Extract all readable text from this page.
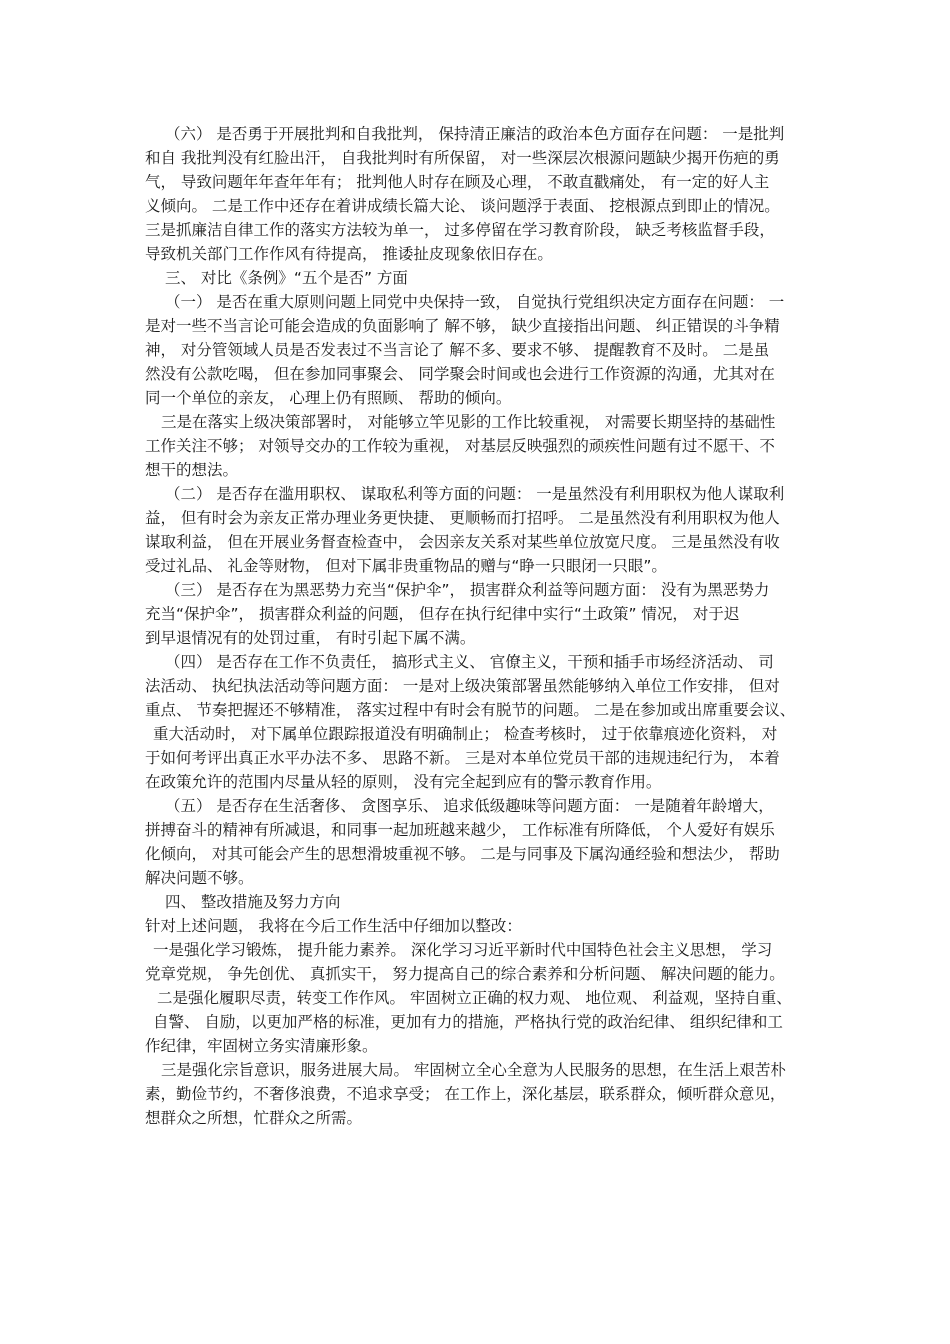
（六） 是否勇于开展批判和自我批判， 保持清正廉洁的政治本色方面存在问题： 一是批判
和自 我批判没有红脸出汗， 自我批判时有所保留， 对一些深层次根源问题缺少揭开伤疤的勇
气， 导致问题年年查年年有； 批判他人时存在顾及心理， 不敢直戳痛处， 有一定的好人主
义倾向。 二是工作中还存在着讲成绩长篇大论、 谈问题浮于表面、 挖根源点到即止的情况。
三是抓廉洁自律工作的落实方法较为单一， 过多停留在学习教育阶段， 缺乏考核监督手段，
导致机关部门工作作风有待提高， 推诿扯皮现象依旧存在。
三、 对比《条例》“五个是否” 方面
（一） 是否在重大原则问题上同党中央保持一致， 自觉执行党组织决定方面存在问题： 一
是对一些不当言论可能会造成的负面影响了 解不够， 缺少直接指出问题、 纠正错误的斗争精
神， 对分管领域人员是否发表过不当言论了 解不多、要求不够、 提醒教育不及时。 二是虽
然没有公款吃喝， 但在参加同事聚会、 同学聚会时间或也会进行工作资源的沟通，尤其对在
同一个单位的亲友， 心理上仍有照顾、 帮助的倾向。
三是在落实上级决策部署时， 对能够立竿见影的工作比较重视， 对需要长期坚持的基础性
工作关注不够； 对领导交办的工作较为重视， 对基层反映强烈的顽疾性问题有过不愿干、不
想干的想法。
（二） 是否存在滥用职权、 谋取私利等方面的问题： 一是虽然没有利用职权为他人谋取利
益， 但有时会为亲友正常办理业务更快捷、 更顺畅而打招呼。 二是虽然没有利用职权为他人
谋取利益， 但在开展业务督查检查中， 会因亲友关系对某些单位放宽尺度。 三是虽然没有收
受过礼品、 礼金等财物， 但对下属非贵重物品的赠与“睁一只眼闭一只眼”。
（三） 是否存在为黑恶势力充当“保护伞”， 损害群众利益等问题方面： 没有为黑恶势力
充当“保护伞”， 损害群众利益的问题， 但存在执行纪律中实行“土政策” 情况， 对于迟
到早退情况有的处罚过重， 有时引起下属不满。
（四） 是否存在工作不负责任， 搞形式主义、 官僚主义，干预和插手市场经济活动、 司
法活动、 执纪执法活动等问题方面： 一是对上级决策部署虽然能够纳入单位工作安排， 但对
重点、 节奏把握还不够精准， 落实过程中有时会有脱节的问题。 二是在参加或出席重要会议、
重大活动时， 对下属单位跟踪报道没有明确制止； 检查考核时， 过于依靠痕迹化资料， 对
于如何考评出真正水平办法不多、 思路不新。 三是对本单位党员干部的违规违纪行为， 本着
在政策允许的范围内尽量从轻的原则， 没有完全起到应有的警示教育作用。
（五） 是否存在生活奢侈、 贪图享乐、 追求低级趣味等问题方面： 一是随着年龄增大，
拼搏奋斗的精神有所减退，和同事一起加班越来越少， 工作标准有所降低， 个人爱好有娱乐
化倾向， 对其可能会产生的思想滑坡重视不够。 二是与同事及下属沟通经验和想法少， 帮助
解决问题不够。
四、 整改措施及努力方向
针对上述问题， 我将在今后工作生活中仔细加以整改：
一是强化学习锻炼， 提升能力素养。 深化学习习近平新时代中国特色社会主义思想， 学习
党章党规， 争先创优、 真抓实干， 努力提高自己的综合素养和分析问题、 解决问题的能力。
二是强化履职尽责，转变工作作风。 牢固树立正确的权力观、 地位观、 利益观，坚持自重、
自警、 自励，以更加严格的标准，更加有力的措施，严格执行党的政治纪律、 组织纪律和工
作纪律，牢固树立务实清廉形象。
三是强化宗旨意识，服务进展大局。 牢固树立全心全意为人民服务的思想，在生活上艰苦朴
素，勤俭节约，不奢侈浪费，不追求享受； 在工作上，深化基层，联系群众，倾听群众意见，
想群众之所想，忙群众之所需。
